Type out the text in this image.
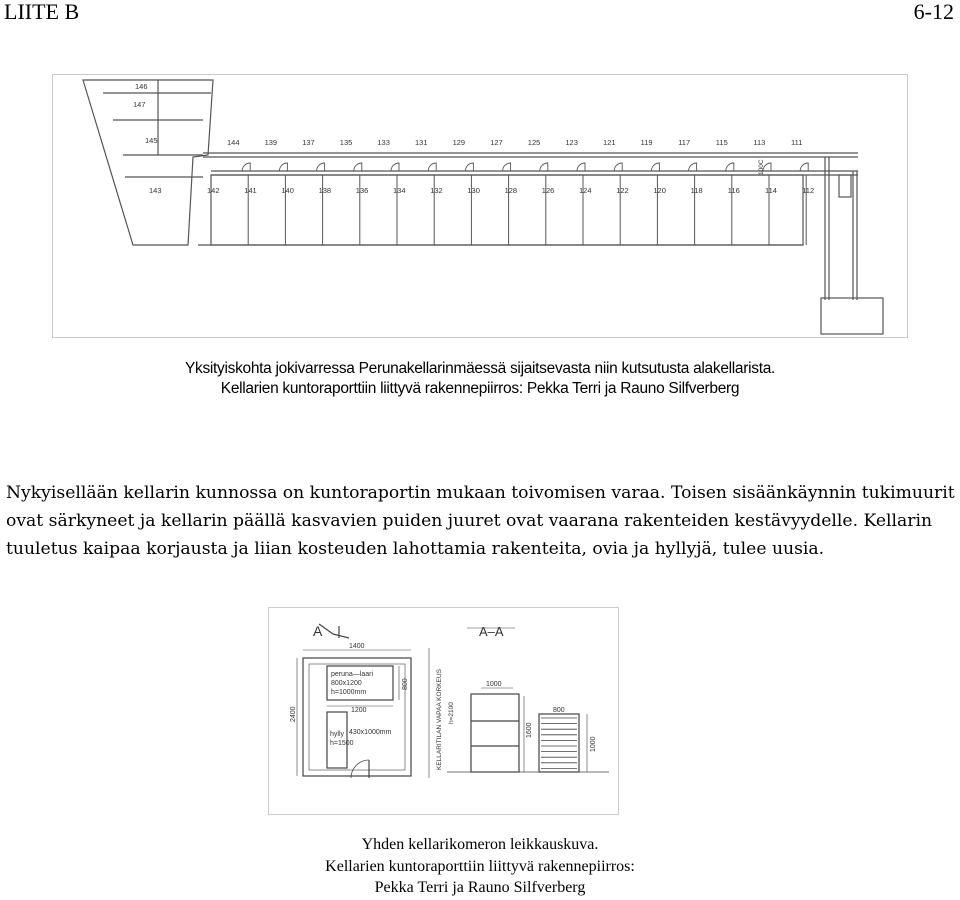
LIITE B	6-12
144	139	137	135	133	131	129	127	125	123	121	119	117	115	113	111
142	141	140	138	136	134	132	130	128	126	124	122	120	118	116	114	112
146
147
145
143
100C
Yksityiskohta jokivarressa Perunakellarinmäessä sijaitsevasta niin kutsutusta alakellarista.
Kellarien kuntoraporttiin liittyvä rakennepiirros: Pekka Terri ja Rauno Silfverberg
Nykyisellään kellarin kunnossa on kuntoraportin mukaan toivomisen varaa. Toisen sisäänkäynnin tukimuurit ovat särkyneet ja kellarin päällä kasvavien puiden juuret ovat vaarana rakenteiden kestävyydelle. Kellarin tuuletus kaipaa korjausta ja liian kosteuden lahottamia rakenteita, ovia ja hyllyjä, tulee uusia.
A	A–A
1400
peruna—laari
800x1200
h=1000mm
800
1200
2400
hylly
h=1500
430x1000mm	KELLARITILAN VAPAA KORKEUS h=2100
1000
1600
800
1000
Yhden kellarikomeron leikkauskuva.
Kellarien kuntoraporttiin liittyvä rakennepiirros:
Pekka Terri ja Rauno Silfverberg
